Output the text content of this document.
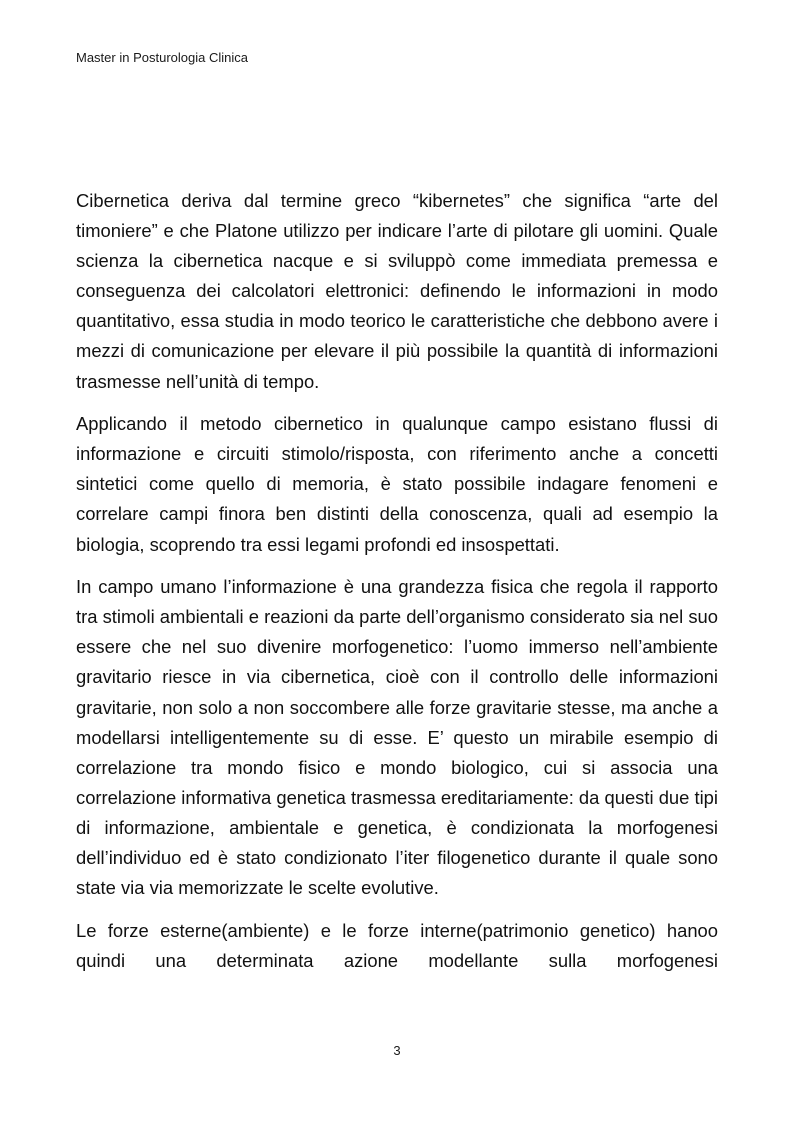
Master in Posturologia Clinica

Cibernetica deriva dal termine greco “kibernetes” che significa “arte del timoniere” e che Platone utilizzo per indicare l’arte di pilotare gli uomini. Quale scienza la cibernetica nacque e si sviluppò come immediata premessa e conseguenza dei calcolatori elettronici: definendo le informazioni in modo quantitativo, essa studia in modo teorico le caratteristiche che debbono avere i mezzi di comunicazione per elevare il più possibile la quantità di informazioni trasmesse nell’unità di tempo.

Applicando il metodo cibernetico in qualunque campo esistano flussi di informazione e circuiti stimolo/risposta, con riferimento anche a concetti sintetici come quello di memoria, è stato possibile indagare fenomeni e correlare campi finora ben distinti della conoscenza, quali ad esempio la biologia, scoprendo tra essi legami profondi ed insospettati.

In campo umano l’informazione è una grandezza fisica che regola il rapporto tra stimoli ambientali e reazioni da parte dell’organismo considerato sia nel suo essere che nel suo divenire morfogenetico: l’uomo immerso nell’ambiente gravitario riesce in via cibernetica, cioè con il controllo delle informazioni gravitarie, non solo a non soccombere alle forze gravitarie stesse, ma anche a modellarsi intelligentemente su di esse. E’ questo un mirabile esempio di correlazione tra mondo fisico e mondo biologico, cui si associa una correlazione informativa genetica trasmessa ereditariamente: da questi due tipi di informazione, ambientale e genetica, è condizionata la morfogenesi dell’individuo ed è stato condizionato l’iter filogenetico durante il quale sono state via via memorizzate le scelte evolutive.

Le forze esterne(ambiente) e le forze interne(patrimonio genetico) hanoo quindi una determinata azione modellante sulla morfogenesi

3
